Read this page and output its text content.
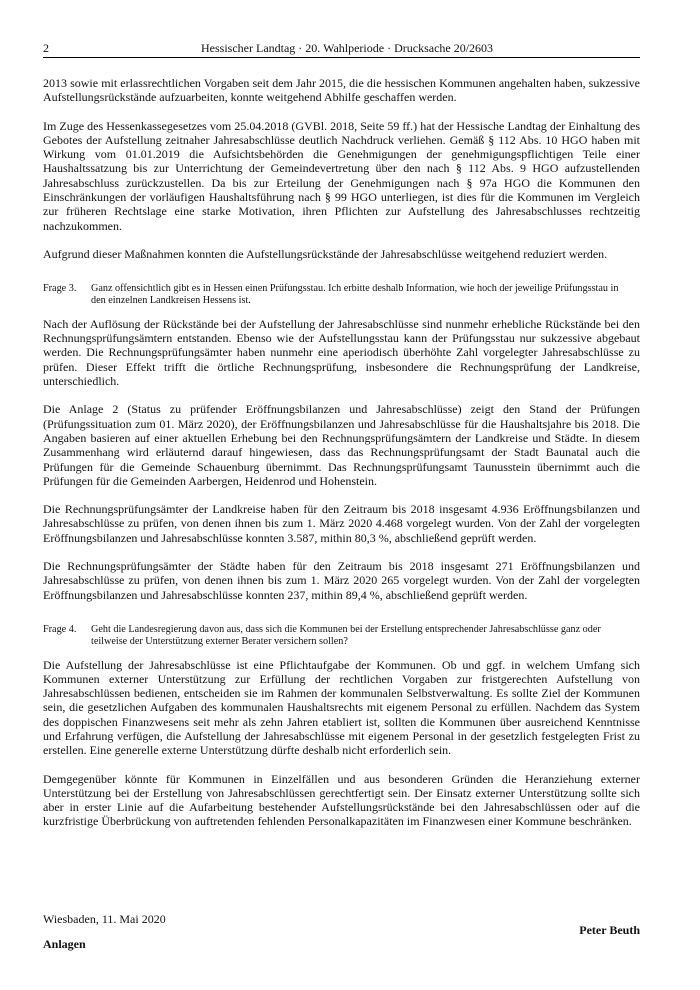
2	Hessischer Landtag · 20. Wahlperiode · Drucksache 20/2603

2013 sowie mit erlassrechtlichen Vorgaben seit dem Jahr 2015, die die hessischen Kommunen angehalten haben, sukzessive Aufstellungsrückstände aufzuarbeiten, konnte weitgehend Abhilfe geschaffen werden.

Im Zuge des Hessenkassegesetzes vom 25.04.2018 (GVBl. 2018, Seite 59 ff.) hat der Hessische Landtag der Einhaltung des Gebotes der Aufstellung zeitnaher Jahresabschlüsse deutlich Nachdruck verliehen. Gemäß § 112 Abs. 10 HGO haben mit Wirkung vom 01.01.2019 die Aufsichtsbehörden die Genehmigungen der genehmigungspflichtigen Teile einer Haushaltssatzung bis zur Unterrichtung der Gemeindevertretung über den nach § 112 Abs. 9 HGO aufzustellenden Jahresabschluss zurückzustellen. Da bis zur Erteilung der Genehmigungen nach § 97a HGO die Kommunen den Einschränkungen der vorläufigen Haushaltsführung nach § 99 HGO unterliegen, ist dies für die Kommunen im Vergleich zur früheren Rechtslage eine starke Motivation, ihren Pflichten zur Aufstellung des Jahresabschlusses rechtzeitig nachzukommen.

Aufgrund dieser Maßnahmen konnten die Aufstellungsrückstände der Jahresabschlüsse weitgehend reduziert werden.

Frage 3.	Ganz offensichtlich gibt es in Hessen einen Prüfungsstau. Ich erbitte deshalb Information, wie hoch der jeweilige Prüfungsstau in den einzelnen Landkreisen Hessens ist.

Nach der Auflösung der Rückstände bei der Aufstellung der Jahresabschlüsse sind nunmehr erhebliche Rückstände bei den Rechnungsprüfungsämtern entstanden. Ebenso wie der Aufstellungsstau kann der Prüfungsstau nur sukzessive abgebaut werden. Die Rechnungsprüfungsämter haben nunmehr eine aperiodisch überhöhte Zahl vorgelegter Jahresabschlüsse zu prüfen. Dieser Effekt trifft die örtliche Rechnungsprüfung, insbesondere die Rechnungsprüfung der Landkreise, unterschiedlich.

Die Anlage 2 (Status zu prüfender Eröffnungsbilanzen und Jahresabschlüsse) zeigt den Stand der Prüfungen (Prüfungssituation zum 01. März 2020), der Eröffnungsbilanzen und Jahresabschlüsse für die Haushaltsjahre bis 2018. Die Angaben basieren auf einer aktuellen Erhebung bei den Rechnungsprüfungsämtern der Landkreise und Städte. In diesem Zusammenhang wird erläuternd darauf hingewiesen, dass das Rechnungsprüfungsamt der Stadt Baunatal auch die Prüfungen für die Gemeinde Schauenburg übernimmt. Das Rechnungsprüfungsamt Taunusstein übernimmt auch die Prüfungen für die Gemeinden Aarbergen, Heidenrod und Hohenstein.

Die Rechnungsprüfungsämter der Landkreise haben für den Zeitraum bis 2018 insgesamt 4.936 Eröffnungsbilanzen und Jahresabschlüsse zu prüfen, von denen ihnen bis zum 1. März 2020 4.468 vorgelegt wurden. Von der Zahl der vorgelegten Eröffnungsbilanzen und Jahresabschlüsse konnten 3.587, mithin 80,3 %, abschließend geprüft werden.

Die Rechnungsprüfungsämter der Städte haben für den Zeitraum bis 2018 insgesamt 271 Eröffnungsbilanzen und Jahresabschlüsse zu prüfen, von denen ihnen bis zum 1. März 2020 265 vorgelegt wurden. Von der Zahl der vorgelegten Eröffnungsbilanzen und Jahresabschlüsse konnten 237, mithin 89,4 %, abschließend geprüft werden.

Frage 4.	Geht die Landesregierung davon aus, dass sich die Kommunen bei der Erstellung entsprechender Jahresabschlüsse ganz oder teilweise der Unterstützung externer Berater versichern sollen?

Die Aufstellung der Jahresabschlüsse ist eine Pflichtaufgabe der Kommunen. Ob und ggf. in welchem Umfang sich Kommunen externer Unterstützung zur Erfüllung der rechtlichen Vorgaben zur fristgerechten Aufstellung von Jahresabschlüssen bedienen, entscheiden sie im Rahmen der kommunalen Selbstverwaltung. Es sollte Ziel der Kommunen sein, die gesetzlichen Aufgaben des kommunalen Haushaltsrechts mit eigenem Personal zu erfüllen. Nachdem das System des doppischen Finanzwesens seit mehr als zehn Jahren etabliert ist, sollten die Kommunen über ausreichend Kenntnisse und Erfahrung verfügen, die Aufstellung der Jahresabschlüsse mit eigenem Personal in der gesetzlich festgelegten Frist zu erstellen. Eine generelle externe Unterstützung dürfte deshalb nicht erforderlich sein.

Demgegenüber könnte für Kommunen in Einzelfällen und aus besonderen Gründen die Heranziehung externer Unterstützung bei der Erstellung von Jahresabschlüssen gerechtfertigt sein. Der Einsatz externer Unterstützung sollte sich aber in erster Linie auf die Aufarbeitung bestehender Aufstellungsrückstände bei den Jahresabschlüssen oder auf die kurzfristige Überbrückung von auftretenden fehlenden Personalkapazitäten im Finanzwesen einer Kommune beschränken.

Wiesbaden, 11. Mai 2020
Peter Beuth
Anlagen
